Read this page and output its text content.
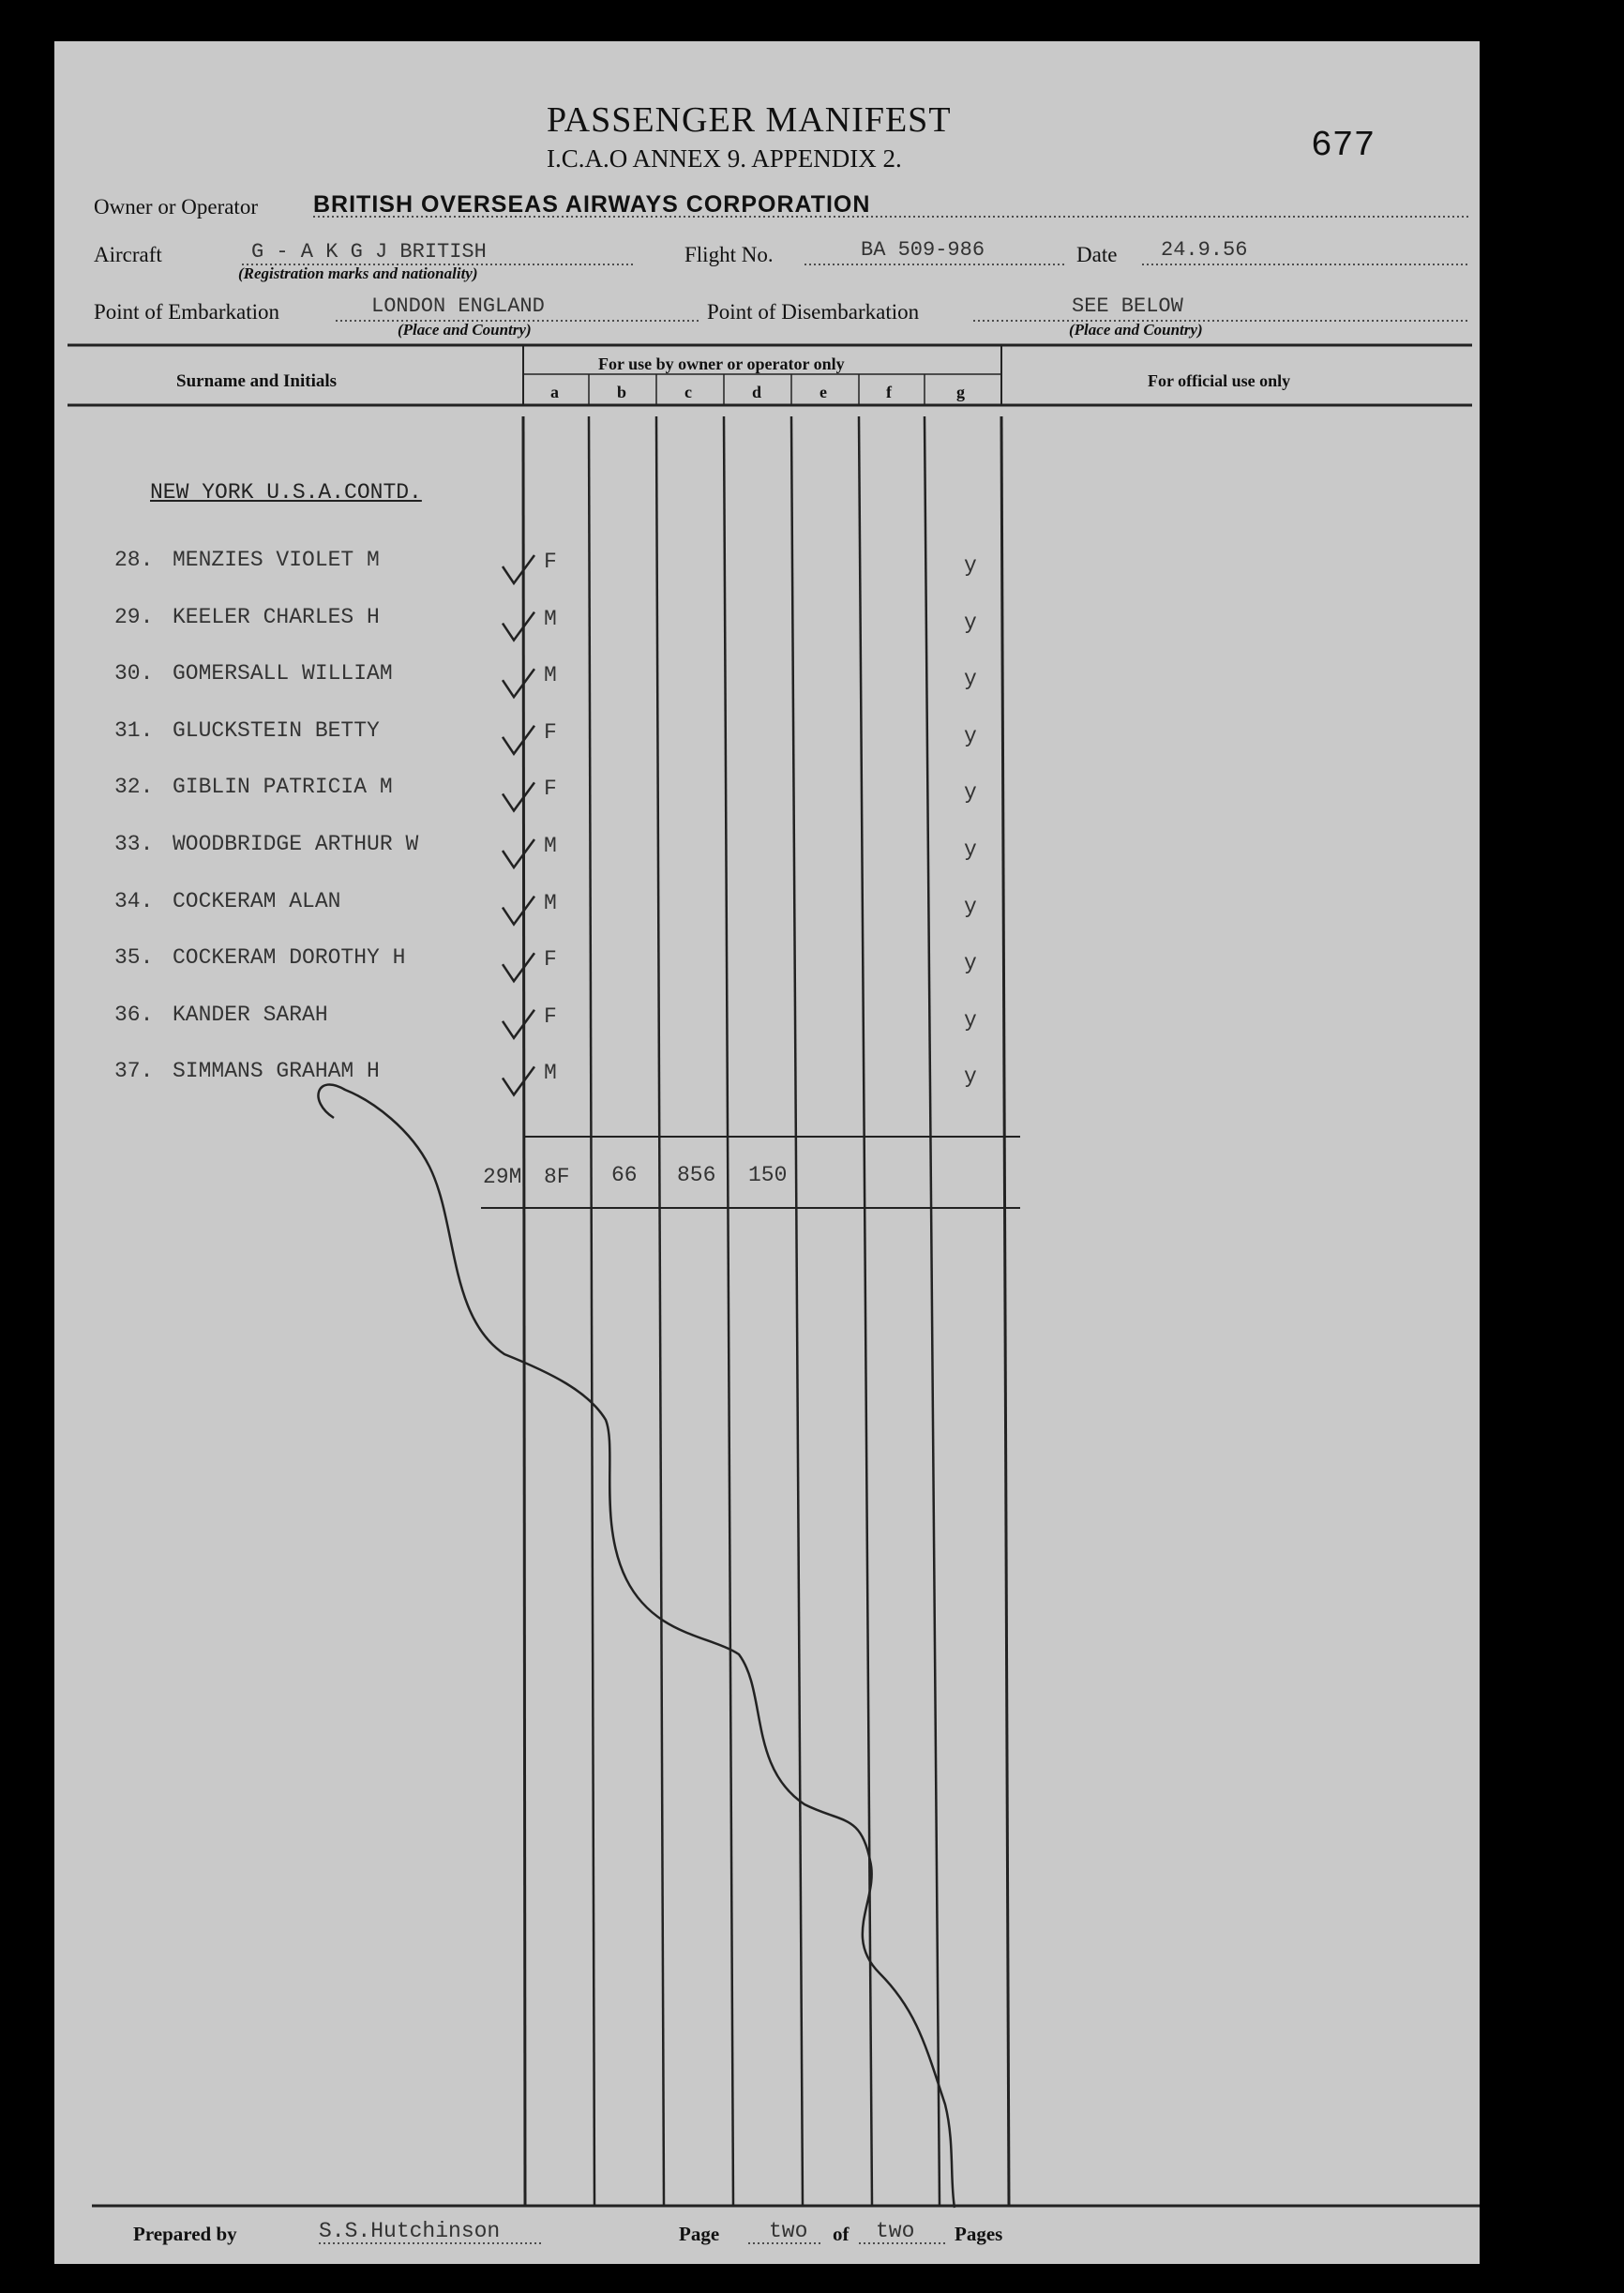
PASSENGER MANIFEST
I.C.A.O ANNEX 9. APPENDIX 2.	677
Owner or Operator BRITISH OVERSEAS AIRWAYS CORPORATION
Aircraft	G - A K G J BRITISH
(Registration marks and nationality)
Flight No.	BA 509-986	Date 24.9.56
Point of Embarkation	LONDON ENGLAND
(Place and Country)
Point of Disembarkation	SEE BELOW
(Place and Country)
Surname and Initials
For use by owner or operator only
For official use only
a	b	c	d	e	f	g
NEW YORK U.S.A.CONTD.
28. MENZIES VIOLET M	F	y
29. KEELER CHARLES H	M	y
30. GOMERSALL WILLIAM	M	y
31. GLUCKSTEIN BETTY	F	y
32. GIBLIN PATRICIA M	F	y
33. WOODBRIDGE ARTHUR W	M	y
34. COCKERAM ALAN	M	y
35. COCKERAM DOROTHY H	F	y
36. KANDER SARAH	F	y
37. SIMMANS GRAHAM H	M	y
29M 8F 66 856 150
Prepared by	S.S.Hutchinson	Page two of two Pages
